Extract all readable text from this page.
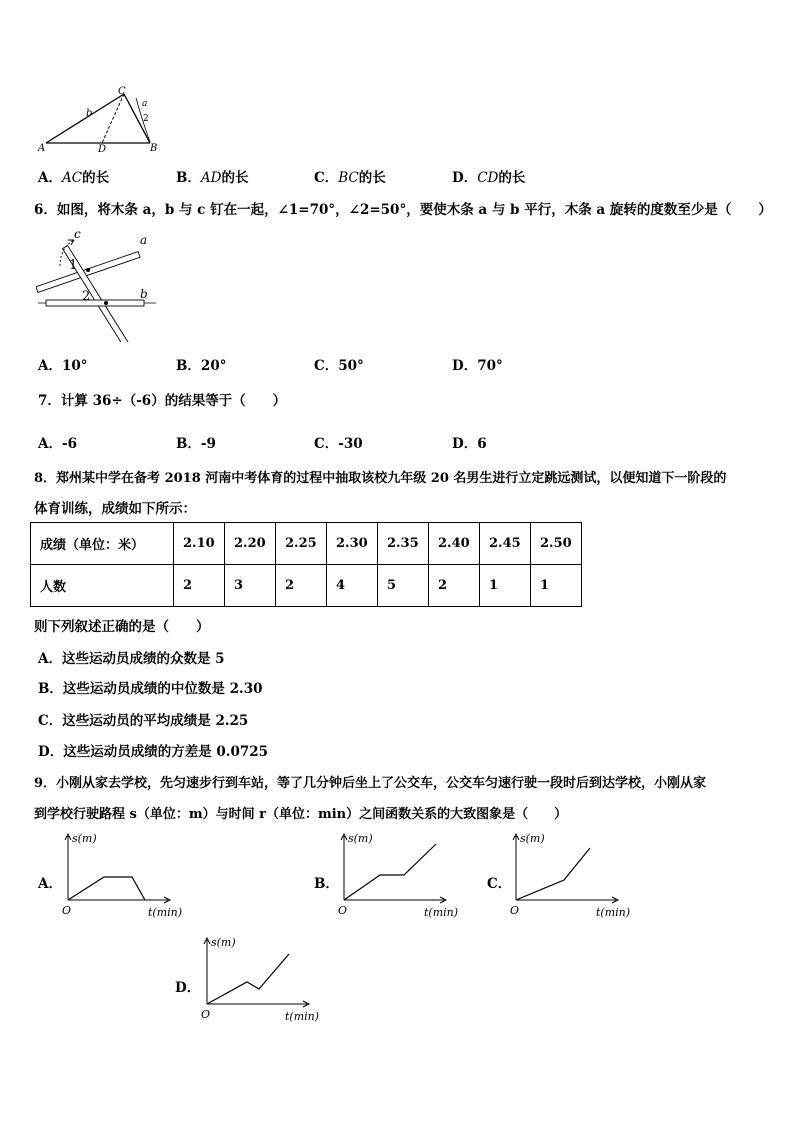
C
A	D	B
b
a
2
A．AC的长	B．AD的长	C．BC的长	D．CD的长
6．如图，将木条 a，b 与 c 钉在一起，∠1=70°，∠2=50°，要使木条 a 与 b 平行，木条 a 旋转的度数至少是（　　）
c	a
b
1
2
A．10°	B．20°	C．50°	D．70°
7．计算 36÷（-6）的结果等于（　　）
A．-6	B．-9	C．-30	D．6
8．郑州某中学在备考 2018 河南中考体育的过程中抽取该校九年级 20 名男生进行立定跳远测试，以便知道下一阶段的
体育训练，成绩如下所示：
成绩（单位：米）	2.10	2.20	2.25	2.30	2.35	2.40	2.45	2.50
人数	2	3	2	4	5	2	1	1
则下列叙述正确的是（　　）
A．这些运动员成绩的众数是 5
B．这些运动员成绩的中位数是 2.30
C．这些运动员的平均成绩是 2.25
D．这些运动员成绩的方差是 0.0725
9．小刚从家去学校，先匀速步行到车站，等了几分钟后坐上了公交车，公交车匀速行驶一段时后到达学校，小刚从家
到学校行驶路程 s（单位：m）与时间 r（单位：min）之间函数关系的大致图象是（　　）
A．
s(m)
t(min)
O
B．
s(m)
t(min)
O
C．
s(m)
t(min)
O
D．
s(m)
t(min)
O
